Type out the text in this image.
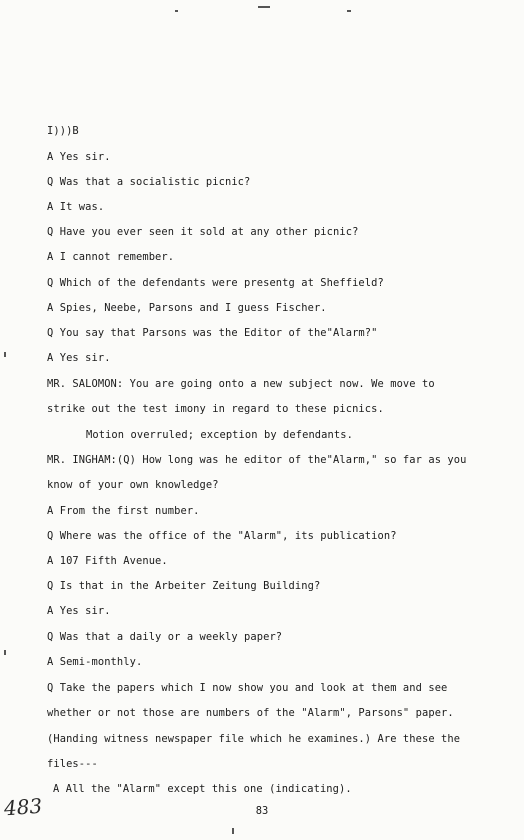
I)))B
A Yes sir.
Q Was that a socialistic picnic?
A It was.
Q Have you ever seen it sold at any other picnic?
A I cannot remember.
Q Which of the defendants were presentg at Sheffield?
A Spies, Neebe, Parsons and I guess Fischer.
Q You say that Parsons was the Editor of the"Alarm?"
A Yes sir.
MR. SALOMON: You are going onto a new subject now. We move to
strike out the test imony in regard to these picnics.
Motion overruled; exception by defendants.
MR. INGHAM:(Q) How long was he editor of the"Alarm," so far as you
know of your own knowledge?
A From the first number.
Q Where was the office of the "Alarm", its publication?
A 107 Fifth Avenue.
Q Is that in the Arbeiter Zeitung Building?
A Yes sir.
Q Was that a daily or a weekly paper?
A Semi-monthly.
Q Take the papers which I now show you and look at them and see
whether or not those are numbers of the "Alarm", Parsons" paper.
(Handing witness newspaper file which he examines.) Are these the
files---
A All the "Alarm" except this one (indicating).
483	83
